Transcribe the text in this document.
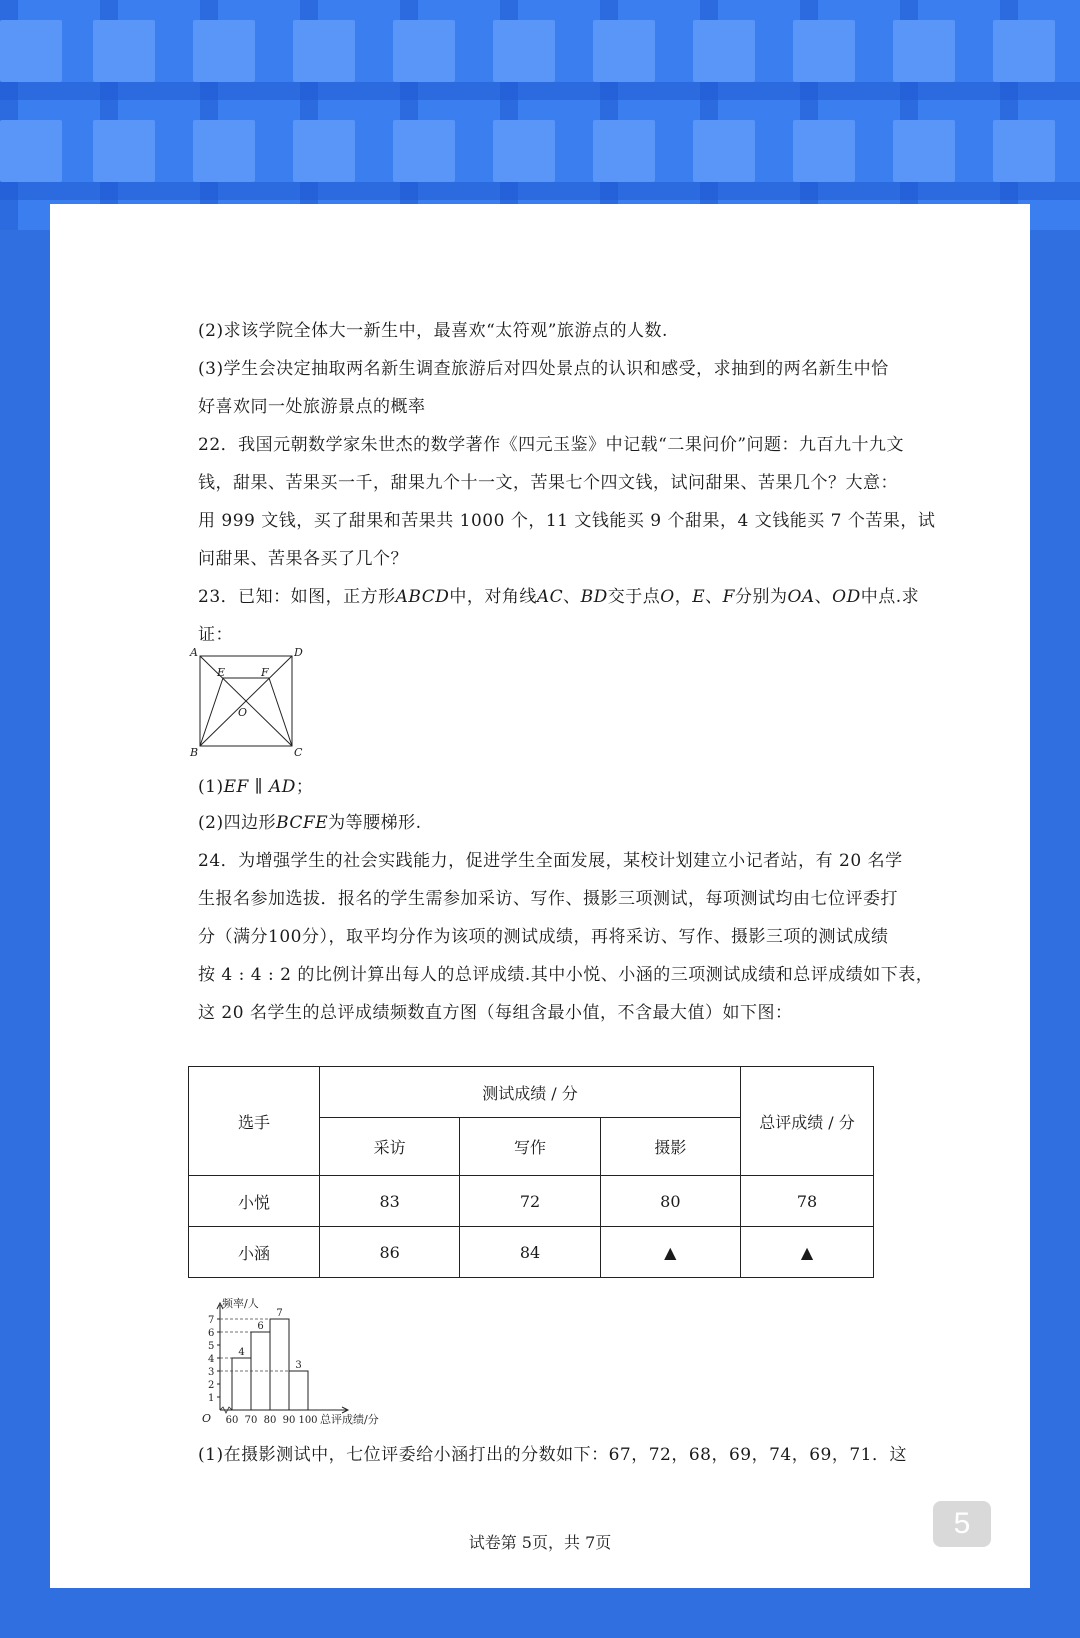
(2)求该学院全体大一新生中，最喜欢“太符观”旅游点的人数.
(3)学生会决定抽取两名新生调查旅游后对四处景点的认识和感受，求抽到的两名新生中恰
好喜欢同一处旅游景点的概率
22．我国元朝数学家朱世杰的数学著作《四元玉鉴》中记载“二果问价”问题：九百九十九文
钱，甜果、苦果买一千，甜果九个十一文，苦果七个四文钱，试问甜果、苦果几个？大意：
用 999 文钱，买了甜果和苦果共 1000 个，11 文钱能买 9 个甜果，4 文钱能买 7 个苦果，试
问甜果、苦果各买了几个？
23．已知：如图，正方形ABCD中，对角线AC、BD交于点O，E、F分别为OA、OD中点.求
证：
A	D
B	C
E	F
O
(1)EF ∥ AD；
(2)四边形BCFE为等腰梯形.
24．为增强学生的社会实践能力，促进学生全面发展，某校计划建立小记者站，有 20 名学
生报名参加选拔．报名的学生需参加采访、写作、摄影三项测试，每项测试均由七位评委打
分（满分100分），取平均分作为该项的测试成绩，再将采访、写作、摄影三项的测试成绩
按 4 : 4 : 2 的比例计算出每人的总评成绩.其中小悦、小涵的三项测试成绩和总评成绩如下表，
这 20 名学生的总评成绩频数直方图（每组含最小值，不含最大值）如下图：
选手	测试成绩 / 分			总评成绩 / 分
	采访	写作	摄影	
小悦	83	72	80	78
小涵	86	84	▲	▲
频率/人
O
1
2
3
4
5
6
7
4
6
7
3
60 70 80 90 100 总评成绩/分
(1)在摄影测试中，七位评委给小涵打出的分数如下：67，72，68，69，74，69，71．这
试卷第 5页，共 7页
5
